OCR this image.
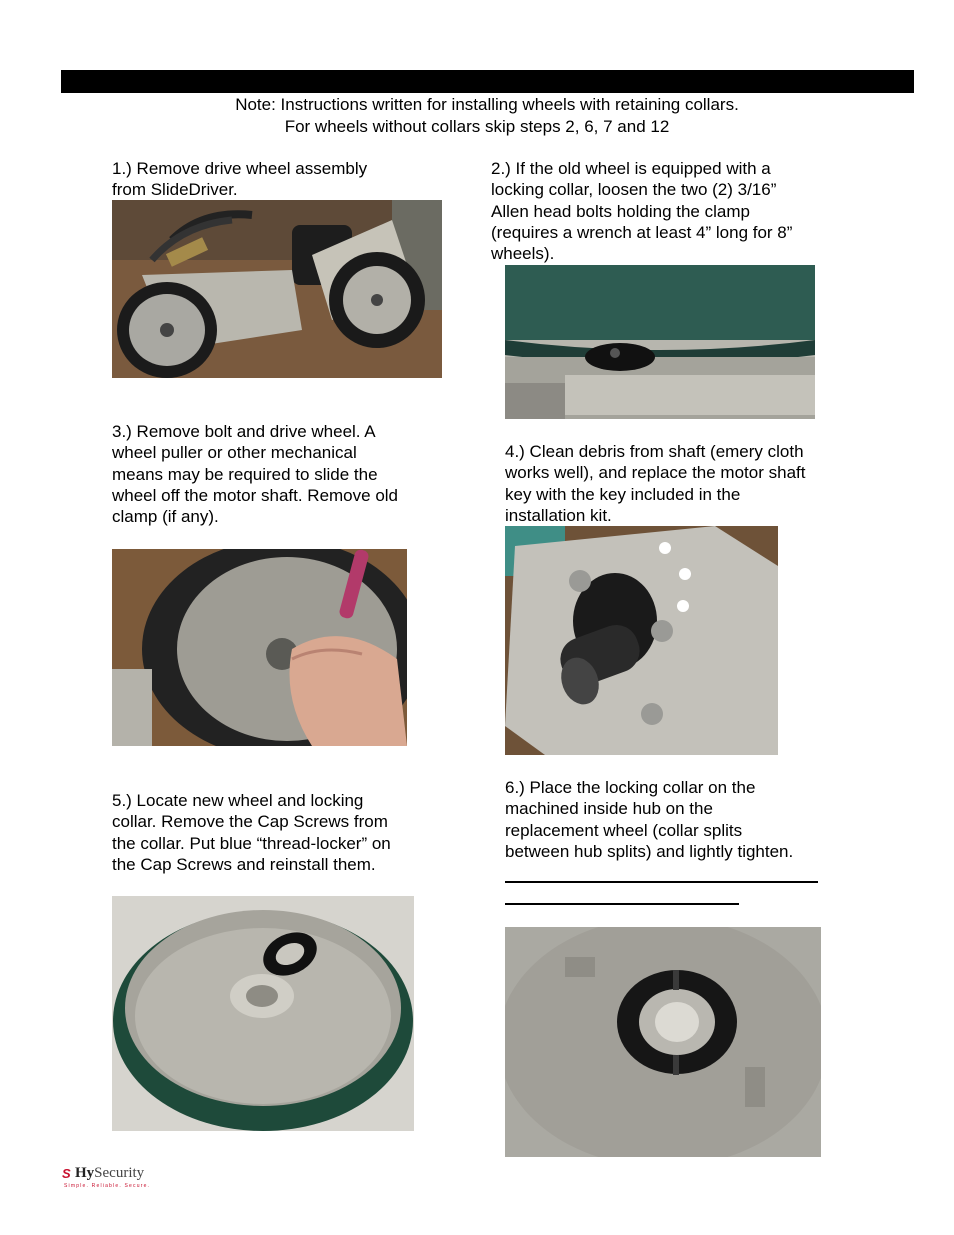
Note: Instructions written for installing wheels with retaining collars.
For wheels without collars skip steps 2, 6, 7 and 12
1.) Remove drive wheel assembly
from SlideDriver.
2.) If the old wheel is equipped with a
locking collar, loosen the two (2) 3/16”
Allen head bolts holding the clamp
(requires a wrench at least 4” long for 8”
wheels).
3.) Remove bolt and drive wheel. A
wheel puller or other mechanical
means may be required to slide the
wheel off the motor shaft. Remove old
clamp (if any).
4.) Clean debris from shaft (emery cloth
works well), and replace the motor shaft
key with the key included in the
installation kit.
5.) Locate new wheel and locking
collar. Remove the Cap Screws from
the collar. Put blue “thread-locker” on
the Cap Screws and reinstall them.
6.) Place the locking collar on the
machined inside hub on the
replacement wheel (collar splits
between hub splits) and lightly tighten.
S HySecurity
Simple. Reliable. Secure.
